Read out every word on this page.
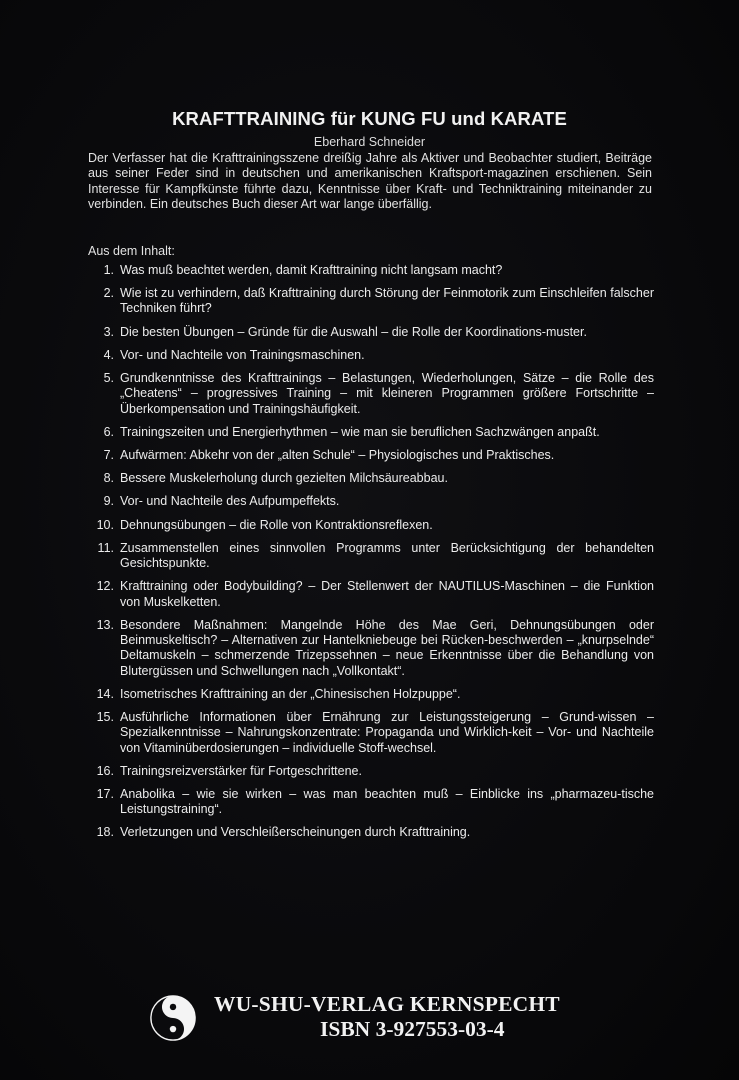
KRAFTTRAINING für KUNG FU und KARATE
Eberhard Schneider
Der Verfasser hat die Krafttrainingsszene dreißig Jahre als Aktiver und Beobachter studiert, Beiträge aus seiner Feder sind in deutschen und amerikanischen Kraftsport-magazinen erschienen. Sein Interesse für Kampfkünste führte dazu, Kenntnisse über Kraft- und Techniktraining miteinander zu verbinden. Ein deutsches Buch dieser Art war lange überfällig.
Aus dem Inhalt:
1. Was muß beachtet werden, damit Krafttraining nicht langsam macht?
2. Wie ist zu verhindern, daß Krafttraining durch Störung der Feinmotorik zum Einschleifen falscher Techniken führt?
3. Die besten Übungen – Gründe für die Auswahl – die Rolle der Koordinations-muster.
4. Vor- und Nachteile von Trainingsmaschinen.
5. Grundkenntnisse des Krafttrainings – Belastungen, Wiederholungen, Sätze – die Rolle des „Cheatens“ – progressives Training – mit kleineren Programmen größere Fortschritte – Überkompensation und Trainingshäufigkeit.
6. Trainingszeiten und Energierhythmen – wie man sie beruflichen Sachzwängen anpaßt.
7. Aufwärmen: Abkehr von der „alten Schule“ – Physiologisches und Praktisches.
8. Bessere Muskelerholung durch gezielten Milchsäureabbau.
9. Vor- und Nachteile des Aufpumpeffekts.
10. Dehnungsübungen – die Rolle von Kontraktionsreflexen.
11. Zusammenstellen eines sinnvollen Programms unter Berücksichtigung der behandelten Gesichtspunkte.
12. Krafttraining oder Bodybuilding? – Der Stellenwert der NAUTILUS-Maschinen – die Funktion von Muskelketten.
13. Besondere Maßnahmen: Mangelnde Höhe des Mae Geri, Dehnungsübungen oder Beinmuskeltisch? – Alternativen zur Hantelkniebeuge bei Rücken-beschwerden – „knurpselnde“ Deltamuskeln – schmerzende Trizepssehnen – neue Erkenntnisse über die Behandlung von Blutergüssen und Schwellungen nach „Vollkontakt“.
14. Isometrisches Krafttraining an der „Chinesischen Holzpuppe“.
15. Ausführliche Informationen über Ernährung zur Leistungssteigerung – Grund-wissen – Spezialkenntnisse – Nahrungskonzentrate: Propaganda und Wirklich-keit – Vor- und Nachteile von Vitaminüberdosierungen – individuelle Stoff-wechsel.
16. Trainingsreizverstärker für Fortgeschrittene.
17. Anabolika – wie sie wirken – was man beachten muß – Einblicke ins „pharmazeu-tische Leistungstraining“.
18. Verletzungen und Verschleißerscheinungen durch Krafttraining.
WU-SHU-VERLAG KERNSPECHT
ISBN 3-927553-03-4
